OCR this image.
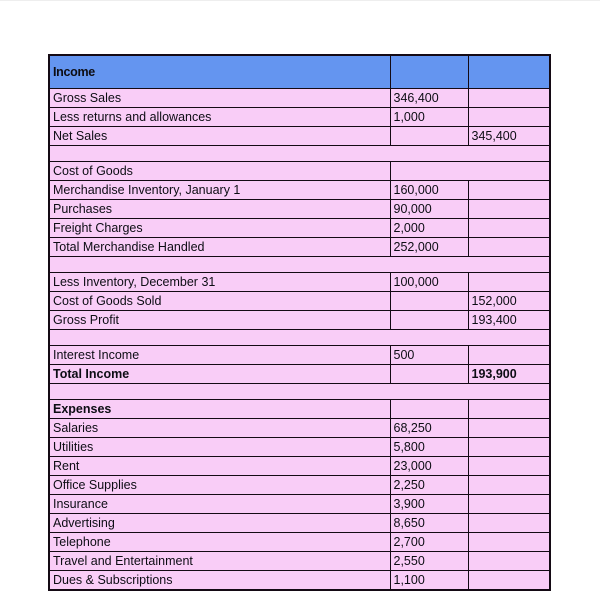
Income		
Gross Sales	346,400	
Less returns and allowances	1,000	
Net Sales		345,400

Cost of Goods		
Merchandise Inventory, January 1	160,000	
Purchases	90,000	
Freight Charges	2,000	
Total Merchandise Handled	252,000	

Less Inventory, December 31	100,000	
Cost of Goods Sold		152,000
Gross Profit		193,400

Interest Income	500	
Total Income		193,900

Expenses		
Salaries	68,250	
Utilities	5,800	
Rent	23,000	
Office Supplies	2,250	
Insurance	3,900	
Advertising	8,650	
Telephone	2,700	
Travel and Entertainment	2,550	
Dues & Subscriptions	1,100	
